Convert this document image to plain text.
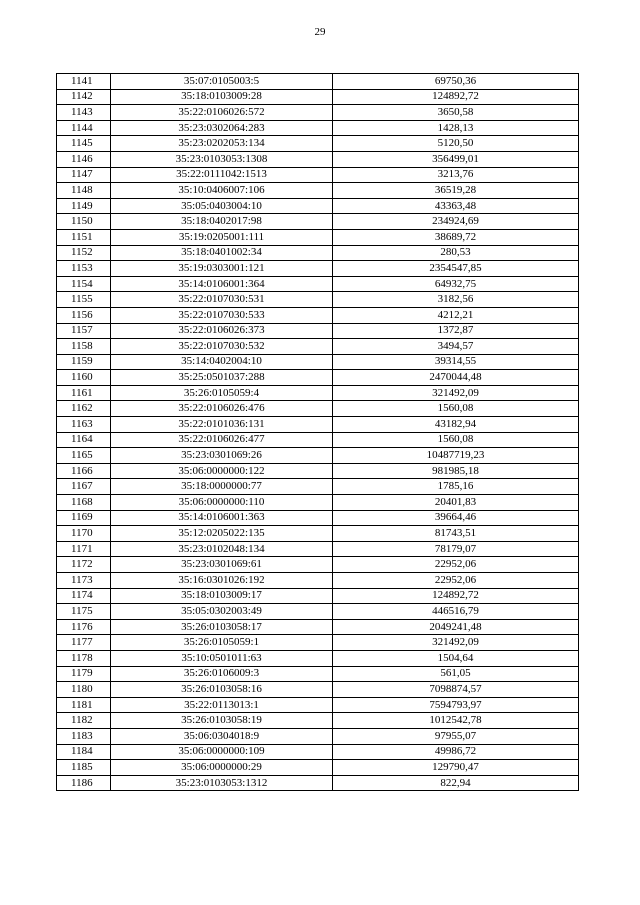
29
1141	35:07:0105003:5	69750,36
1142	35:18:0103009:28	124892,72
1143	35:22:0106026:572	3650,58
1144	35:23:0302064:283	1428,13
1145	35:23:0202053:134	5120,50
1146	35:23:0103053:1308	356499,01
1147	35:22:0111042:1513	3213,76
1148	35:10:0406007:106	36519,28
1149	35:05:0403004:10	43363,48
1150	35:18:0402017:98	234924,69
1151	35:19:0205001:111	38689,72
1152	35:18:0401002:34	280,53
1153	35:19:0303001:121	2354547,85
1154	35:14:0106001:364	64932,75
1155	35:22:0107030:531	3182,56
1156	35:22:0107030:533	4212,21
1157	35:22:0106026:373	1372,87
1158	35:22:0107030:532	3494,57
1159	35:14:0402004:10	39314,55
1160	35:25:0501037:288	2470044,48
1161	35:26:0105059:4	321492,09
1162	35:22:0106026:476	1560,08
1163	35:22:0101036:131	43182,94
1164	35:22:0106026:477	1560,08
1165	35:23:0301069:26	10487719,23
1166	35:06:0000000:122	981985,18
1167	35:18:0000000:77	1785,16
1168	35:06:0000000:110	20401,83
1169	35:14:0106001:363	39664,46
1170	35:12:0205022:135	81743,51
1171	35:23:0102048:134	78179,07
1172	35:23:0301069:61	22952,06
1173	35:16:0301026:192	22952,06
1174	35:18:0103009:17	124892,72
1175	35:05:0302003:49	446516,79
1176	35:26:0103058:17	2049241,48
1177	35:26:0105059:1	321492,09
1178	35:10:0501011:63	1504,64
1179	35:26:0106009:3	561,05
1180	35:26:0103058:16	7098874,57
1181	35:22:0113013:1	7594793,97
1182	35:26:0103058:19	1012542,78
1183	35:06:0304018:9	97955,07
1184	35:06:0000000:109	49986,72
1185	35:06:0000000:29	129790,47
1186	35:23:0103053:1312	822,94
